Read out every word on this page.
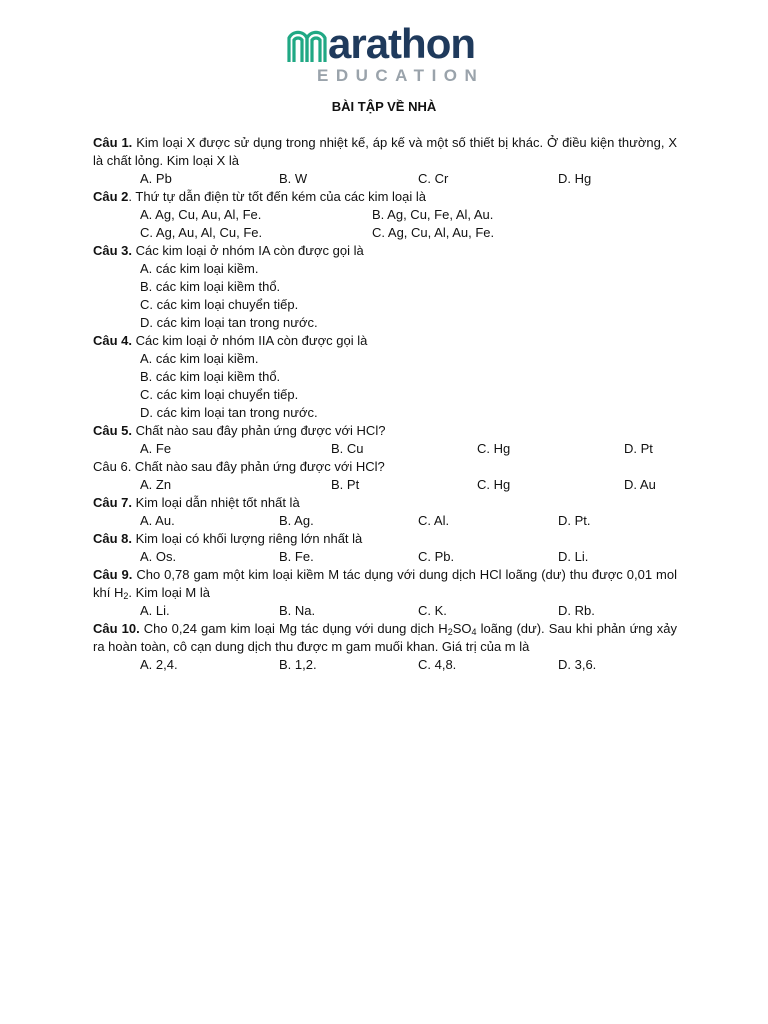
arathon
EDUCATION
BÀI TẬP VỀ NHÀ
Câu 1. Kim loại X được sử dụng trong nhiệt kế, áp kế và một số thiết bị khác. Ở điều kiện thường, X là chất lỏng. Kim loại X là
A. Pb	B. W	C. Cr	D. Hg
Câu 2. Thứ tự dẫn điện từ tốt đến kém của các kim loại là
A. Ag, Cu, Au, Al, Fe.	B. Ag, Cu, Fe, Al, Au.
C. Ag, Au, Al, Cu, Fe.	C. Ag, Cu, Al, Au, Fe.
Câu 3. Các kim loại ở nhóm IA còn được gọi là
A. các kim loại kiềm.
B. các kim loại kiềm thổ.
C. các kim loại chuyển tiếp.
D. các kim loại tan trong nước.
Câu 4. Các kim loại ở nhóm IIA còn được gọi là
A. các kim loại kiềm.
B. các kim loại kiềm thổ.
C. các kim loại chuyển tiếp.
D. các kim loại tan trong nước.
Câu 5. Chất nào sau đây phản ứng được với HCl?
A. Fe	B. Cu	C. Hg	D. Pt
Câu 6. Chất nào sau đây phản ứng được với HCl?
A. Zn	B. Pt	C. Hg	D. Au
Câu 7. Kim loại dẫn nhiệt tốt nhất là
A. Au.	B. Ag.	C. Al.	D. Pt.
Câu 8. Kim loại có khối lượng riêng lớn nhất là
A. Os.	B. Fe.	C. Pb.	D. Li.
Câu 9. Cho 0,78 gam một kim loại kiềm M tác dụng với dung dịch HCl loãng (dư) thu được 0,01 mol khí $H_2$. Kim loại M là
A. Li.	B. Na.	C. K.	D. Rb.
Câu 10. Cho 0,24 gam kim loại Mg tác dụng với dung dịch $H_2SO_4$ loãng (dư). Sau khi phản ứng xảy ra hoàn toàn, cô cạn dung dịch thu được m gam muối khan. Giá trị của m là
A. 2,4.	B. 1,2.	C. 4,8.	D. 3,6.
